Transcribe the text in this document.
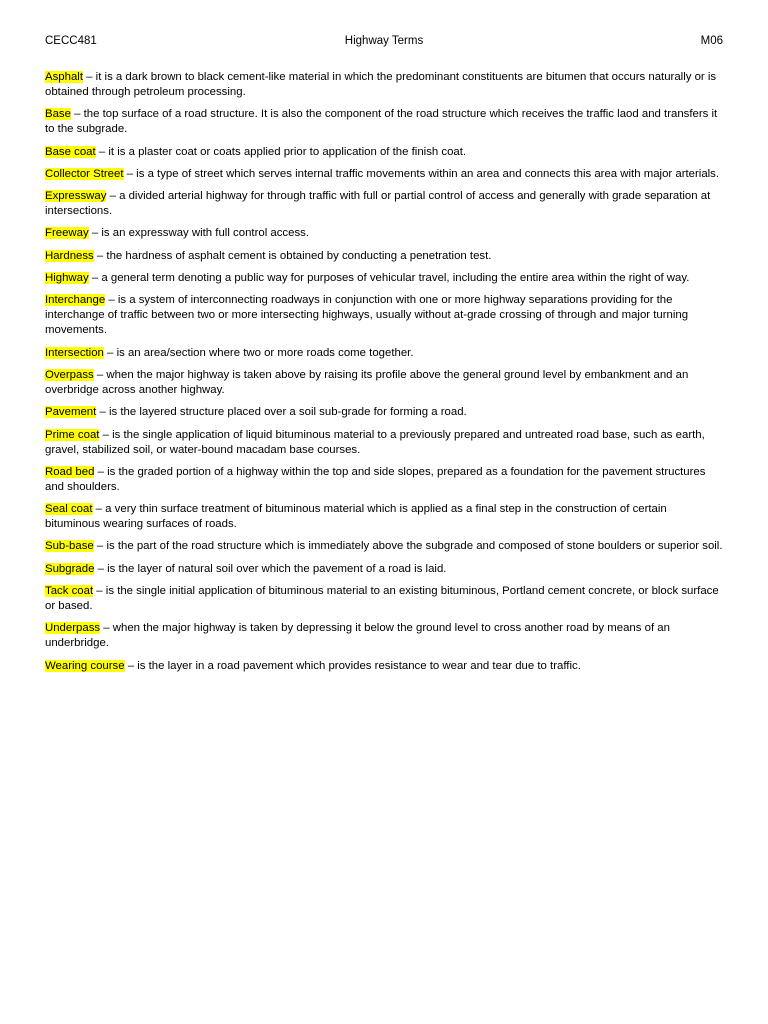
CECC481	Highway Terms	M06
Asphalt – it is a dark brown to black cement-like material in which the predominant constituents are bitumen that occurs naturally or is obtained through petroleum processing.
Base – the top surface of a road structure. It is also the component of the road structure which receives the traffic laod and transfers it to the subgrade.
Base coat – it is a plaster coat or coats applied prior to application of the finish coat.
Collector Street – is a type of street which serves internal traffic movements within an area and connects this area with major arterials.
Expressway – a divided arterial highway for through traffic with full or partial control of access and generally with grade separation at intersections.
Freeway – is an expressway with full control access.
Hardness – the hardness of asphalt cement is obtained by conducting a penetration test.
Highway – a general term denoting a public way for purposes of vehicular travel, including the entire area within the right of way.
Interchange – is a system of interconnecting roadways in conjunction with one or more highway separations providing for the interchange of traffic between two or more intersecting highways, usually without at-grade crossing of through and major turning movements.
Intersection – is an area/section where two or more roads come together.
Overpass – when the major highway is taken above by raising its profile above the general ground level by embankment and an overbridge across another highway.
Pavement – is the layered structure placed over a soil sub-grade for forming a road.
Prime coat – is the single application of liquid bituminous material to a previously prepared and untreated road base, such as earth, gravel, stabilized soil, or water-bound macadam base courses.
Road bed – is the graded portion of a highway within the top and side slopes, prepared as a foundation for the pavement structures and shoulders.
Seal coat – a very thin surface treatment of bituminous material which is applied as a final step in the construction of certain bituminous wearing surfaces of roads.
Sub-base – is the part of the road structure which is immediately above the subgrade and composed of stone boulders or superior soil.
Subgrade – is the layer of natural soil over which the pavement of a road is laid.
Tack coat – is the single initial application of bituminous material to an existing bituminous, Portland cement concrete, or block surface or based.
Underpass – when the major highway is taken by depressing it below the ground level to cross another road by means of an underbridge.
Wearing course – is the layer in a road pavement which provides resistance to wear and tear due to traffic.
